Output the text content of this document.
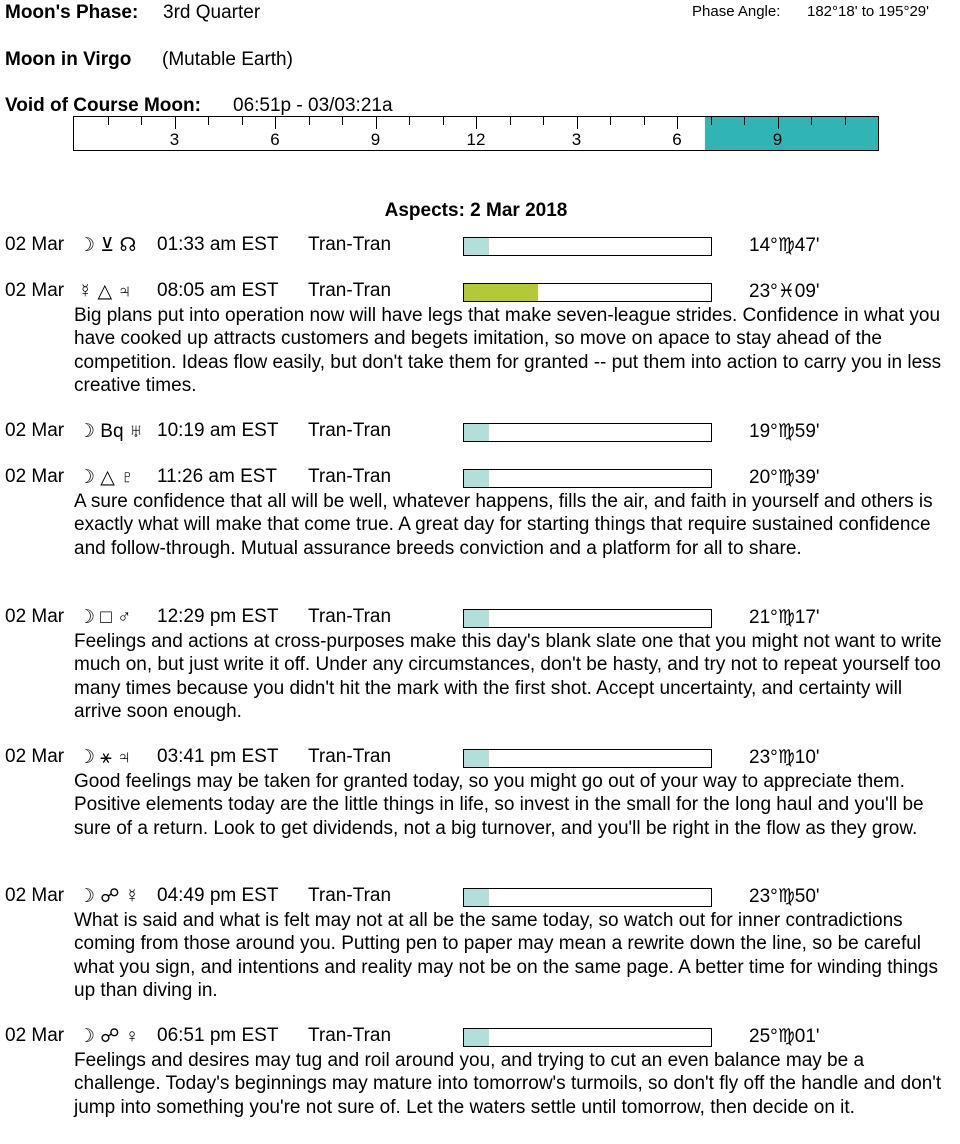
Moon's Phase: 3rd Quarter	Phase Angle: 182°18' to 195°29'
Moon in Virgo (Mutable Earth)
Void of Course Moon: 06:51p - 03/03:21a
3	6	9	12	3	6	9
Aspects: 2 Mar 2018
02 Mar ☽ ⊻ ☊ 01:33 am EST Tran-Tran	14°♍47'
02 Mar ☿ △ ♃ 08:05 am EST Tran-Tran	23°♓09'
Big plans put into operation now will have legs that make seven-league strides. Confidence in what you have cooked up attracts customers and begets imitation, so move on apace to stay ahead of the competition. Ideas flow easily, but don't take them for granted -- put them into action to carry you in less creative times.
02 Mar ☽ Bq ♅ 10:19 am EST Tran-Tran	19°♍59'
02 Mar ☽ △ ♇ 11:26 am EST Tran-Tran	20°♍39'
A sure confidence that all will be well, whatever happens, fills the air, and faith in yourself and others is exactly what will make that come true. A great day for starting things that require sustained confidence and follow-through. Mutual assurance breeds conviction and a platform for all to share.
02 Mar ☽ □ ♂ 12:29 pm EST Tran-Tran	21°♍17'
Feelings and actions at cross-purposes make this day's blank slate one that you might not want to write much on, but just write it off. Under any circumstances, don't be hasty, and try not to repeat yourself too many times because you didn't hit the mark with the first shot. Accept uncertainty, and certainty will arrive soon enough.
02 Mar ☽ ⚹ ♃ 03:41 pm EST Tran-Tran	23°♍10'
Good feelings may be taken for granted today, so you might go out of your way to appreciate them. Positive elements today are the little things in life, so invest in the small for the long haul and you'll be sure of a return. Look to get dividends, not a big turnover, and you'll be right in the flow as they grow.
02 Mar ☽ ☍ ☿ 04:49 pm EST Tran-Tran	23°♍50'
What is said and what is felt may not at all be the same today, so watch out for inner contradictions coming from those around you. Putting pen to paper may mean a rewrite down the line, so be careful what you sign, and intentions and reality may not be on the same page. A better time for winding things up than diving in.
02 Mar ☽ ☍ ♀ 06:51 pm EST Tran-Tran	25°♍01'
Feelings and desires may tug and roil around you, and trying to cut an even balance may be a challenge. Today's beginnings may mature into tomorrow's turmoils, so don't fly off the handle and don't jump into something you're not sure of. Let the waters settle until tomorrow, then decide on it.
